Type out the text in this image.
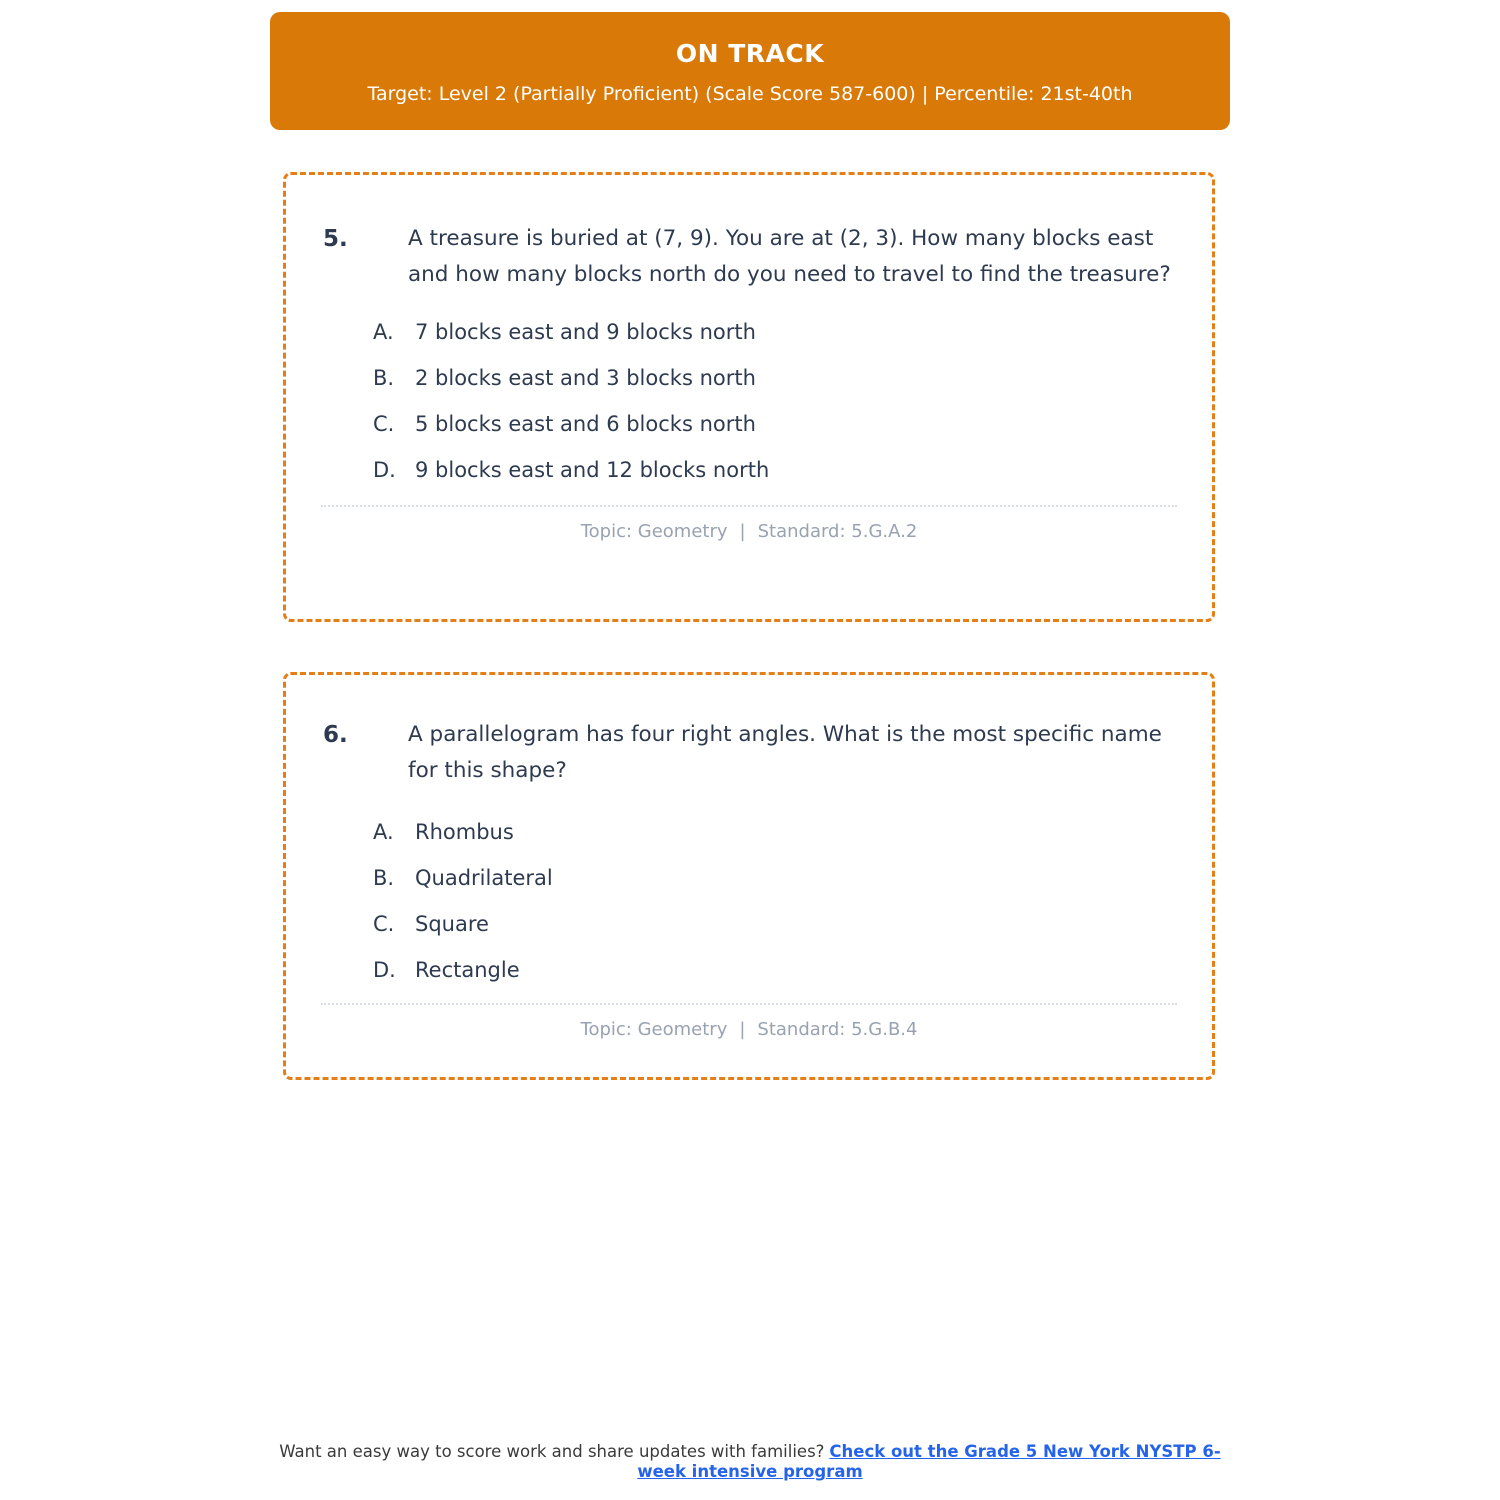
ON TRACK
Target: Level 2 (Partially Proficient) (Scale Score 587-600) | Percentile: 21st-40th
5.	A treasure is buried at (7, 9). You are at (2, 3). How many blocks east and how many blocks north do you need to travel to find the treasure?
A.	7 blocks east and 9 blocks north
B. 2 blocks east and 3 blocks north
C. 5 blocks east and 6 blocks north
D. 9 blocks east and 12 blocks north
Topic: Geometry | Standard: 5.G.A.2
6.	A parallelogram has four right angles. What is the most specific name for this shape?
A.	Rhombus
B. Quadrilateral
C. Square
D. Rectangle
Topic: Geometry | Standard: 5.G.B.4
Want an easy way to score work and share updates with families? Check out the Grade 5 New York NYSTP 6-week intensive program
